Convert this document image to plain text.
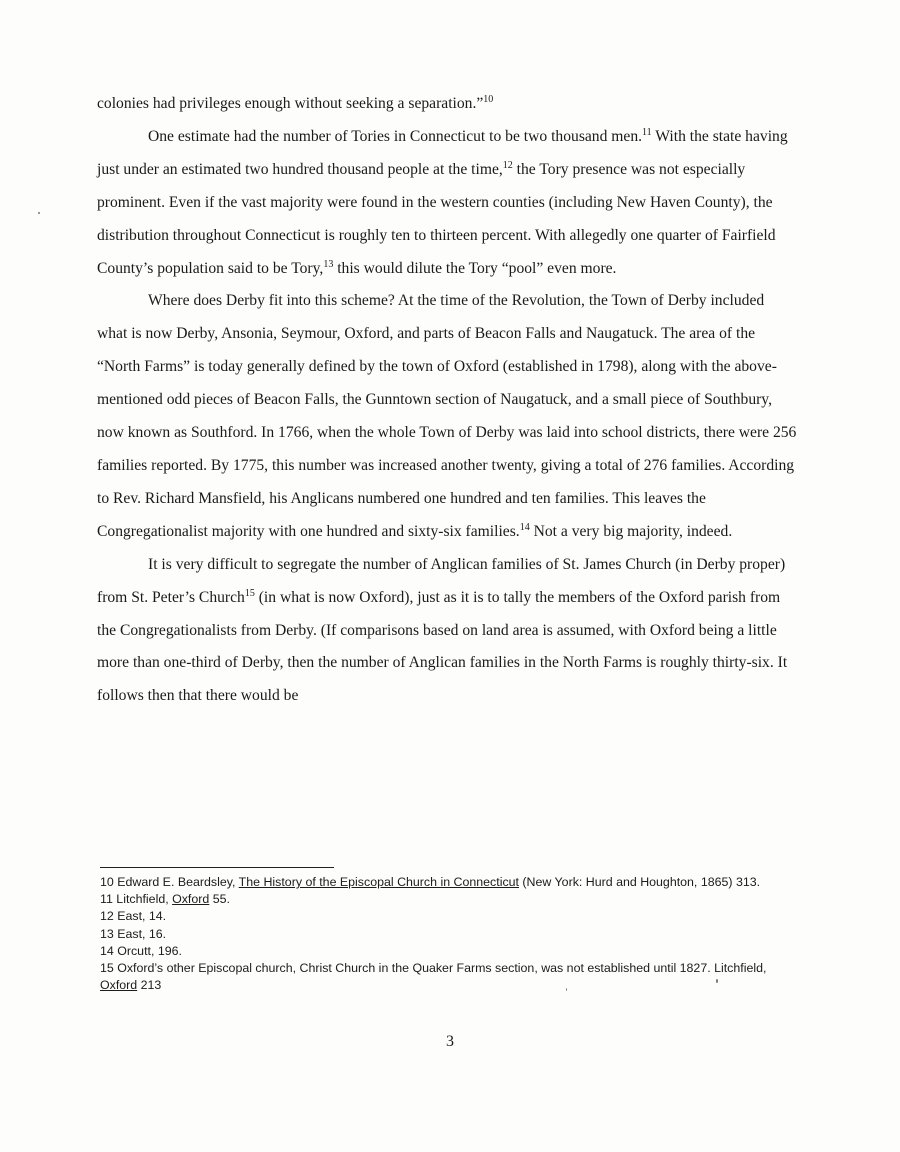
colonies had privileges enough without seeking a separation.”$^{10}$

One estimate had the number of Tories in Connecticut to be two thousand men.$^{11}$ With the state having just under an estimated two hundred thousand people at the time,$^{12}$ the Tory presence was not especially prominent. Even if the vast majority were found in the western counties (including New Haven County), the distribution throughout Connecticut is roughly ten to thirteen percent. With allegedly one quarter of Fairfield County’s population said to be Tory,$^{13}$ this would dilute the Tory “pool” even more.

Where does Derby fit into this scheme? At the time of the Revolution, the Town of Derby included what is now Derby, Ansonia, Seymour, Oxford, and parts of Beacon Falls and Naugatuck. The area of the “North Farms” is today generally defined by the town of Oxford (established in 1798), along with the above-mentioned odd pieces of Beacon Falls, the Gunntown section of Naugatuck, and a small piece of Southbury, now known as Southford. In 1766, when the whole Town of Derby was laid into school districts, there were 256 families reported. By 1775, this number was increased another twenty, giving a total of 276 families. According to Rev. Richard Mansfield, his Anglicans numbered one hundred and ten families. This leaves the Congregationalist majority with one hundred and sixty-six families.$^{14}$ Not a very big majority, indeed.

It is very difficult to segregate the number of Anglican families of St. James Church (in Derby proper) from St. Peter’s Church$^{15}$ (in what is now Oxford), just as it is to tally the members of the Oxford parish from the Congregationalists from Derby. (If comparisons based on land area is assumed, with Oxford being a little more than one-third of Derby, then the number of Anglican families in the North Farms is roughly thirty-six. It follows then that there would be

10 Edward E. Beardsley, The History of the Episcopal Church in Connecticut (New York: Hurd and Houghton, 1865) 313.
11 Litchfield, Oxford 55.
12 East, 14.
13 East, 16.
14 Orcutt, 196.
15 Oxford’s other Episcopal church, Christ Church in the Quaker Farms section, was not established until 1827. Litchfield, Oxford 213
3
